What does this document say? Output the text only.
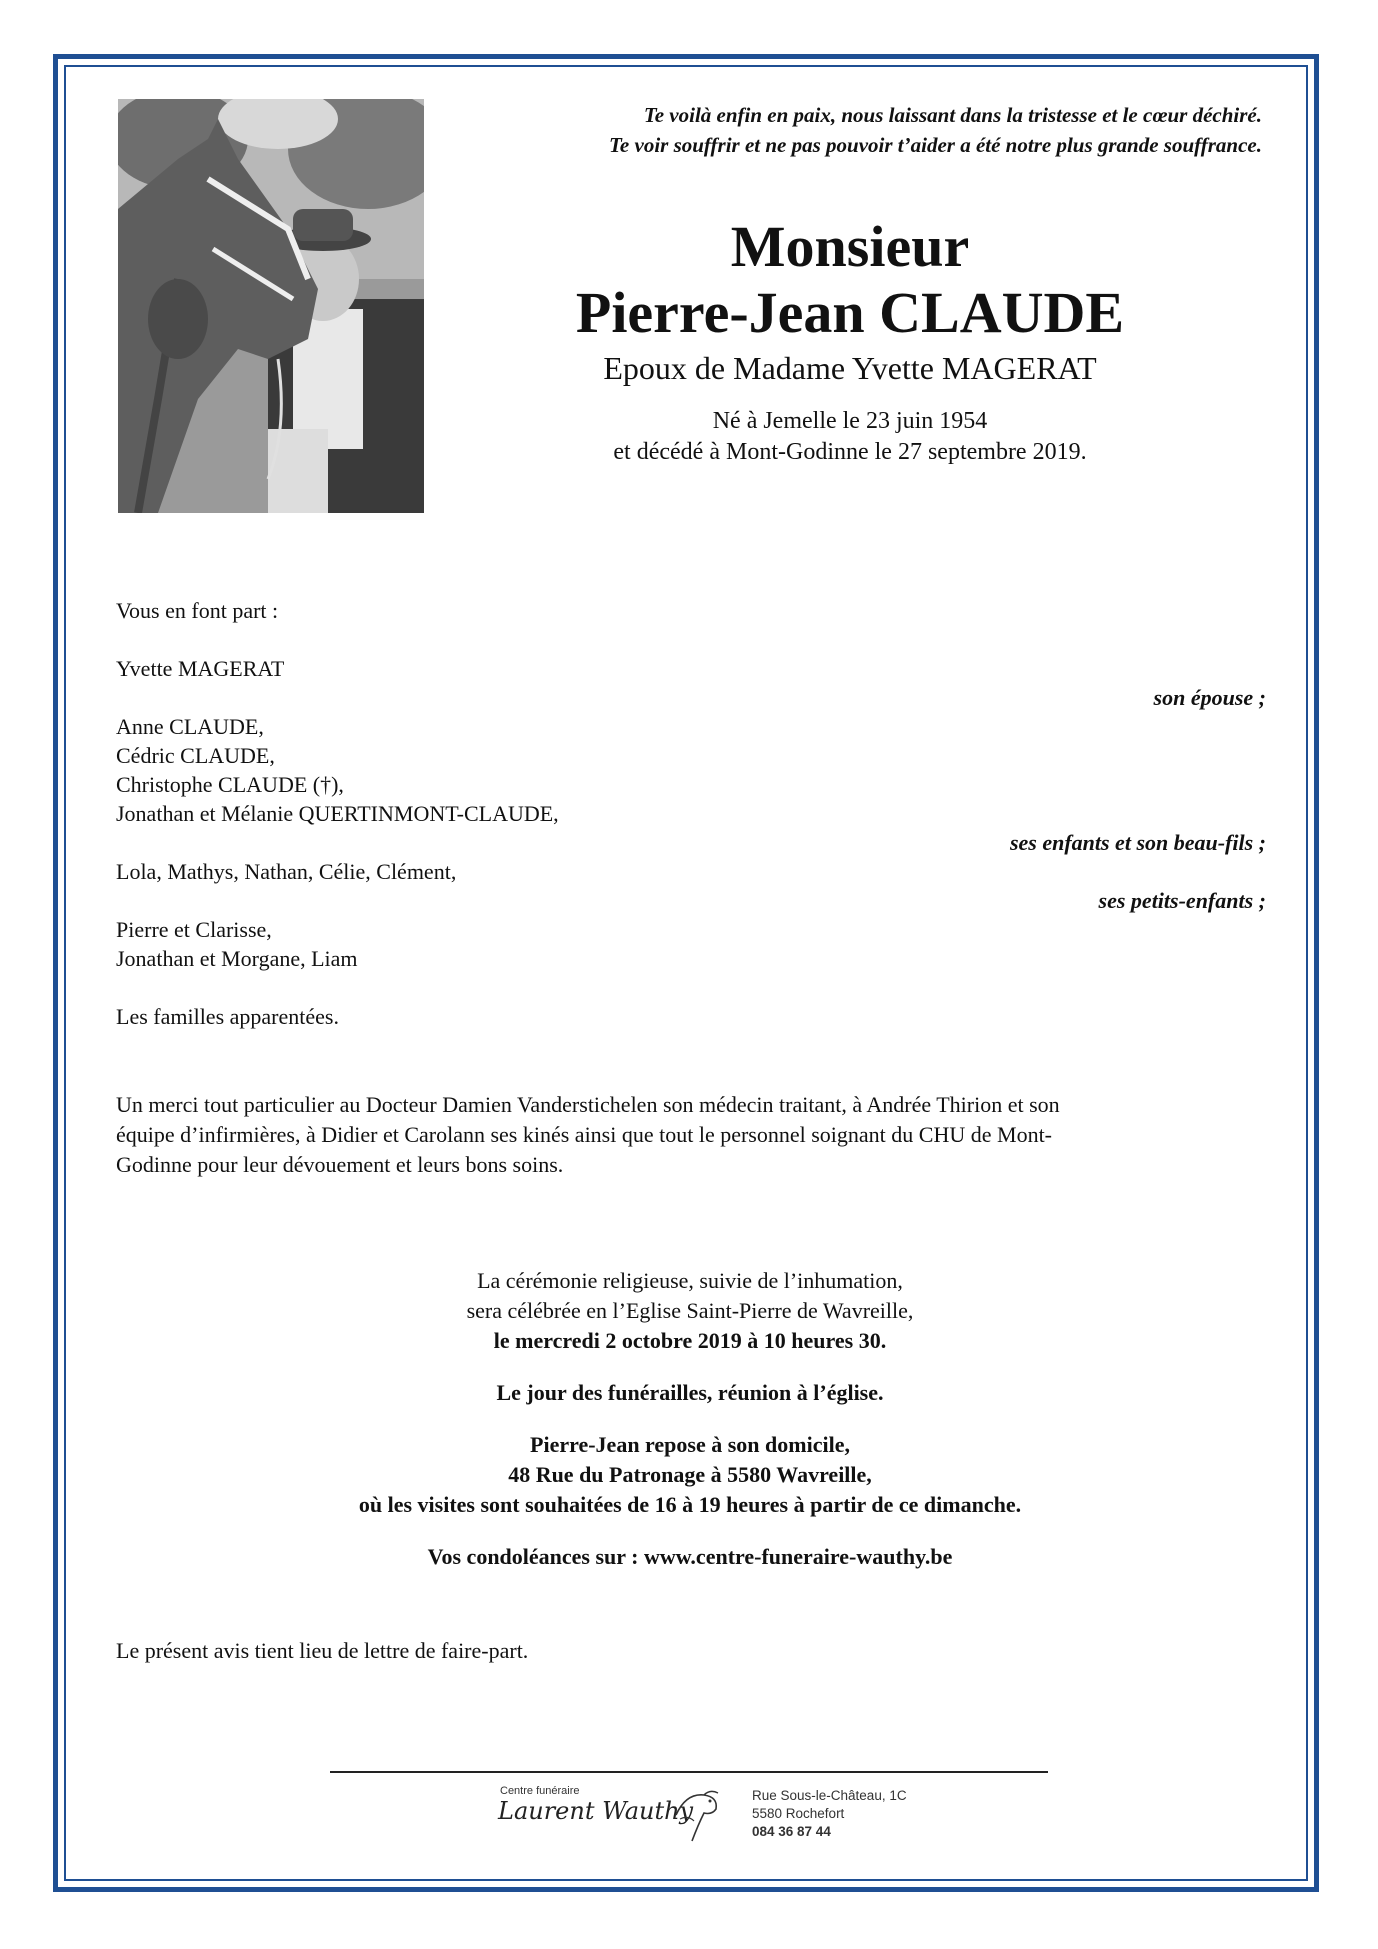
Te voilà enfin en paix, nous laissant dans la tristesse et le cœur déchiré.
Te voir souffrir et ne pas pouvoir t’aider a été notre plus grande souffrance.
Monsieur
Pierre-Jean CLAUDE
Epoux de Madame Yvette MAGERAT
Né à Jemelle le 23 juin 1954
et décédé à Mont-Godinne le 27 septembre 2019.
Vous en font part :
Yvette MAGERAT
son épouse ;
Anne CLAUDE,
Cédric CLAUDE,
Christophe CLAUDE (†),
Jonathan et Mélanie QUERTINMONT-CLAUDE,
ses enfants et son beau-fils ;
Lola, Mathys, Nathan, Célie, Clément,
ses petits-enfants ;
Pierre et Clarisse,
Jonathan et Morgane, Liam
Les familles apparentées.
Un merci tout particulier au Docteur Damien Vanderstichelen son médecin traitant, à Andrée Thirion et son
équipe d’infirmières, à Didier et Carolann ses kinés ainsi que tout le personnel soignant du CHU de Mont-
Godinne pour leur dévouement et leurs bons soins.
La cérémonie religieuse, suivie de l’inhumation,
sera célébrée en l’Eglise Saint-Pierre de Wavreille,
le mercredi 2 octobre 2019 à 10 heures 30.
Le jour des funérailles, réunion à l’église.
Pierre-Jean repose à son domicile,
48 Rue du Patronage à 5580 Wavreille,
où les visites sont souhaitées de 16 à 19 heures à partir de ce dimanche.
Vos condoléances sur : www.centre-funeraire-wauthy.be
Le présent avis tient lieu de lettre de faire-part.
Centre funéraire
Laurent Wauthy
Rue Sous-le-Château, 1C
5580 Rochefort
084 36 87 44
